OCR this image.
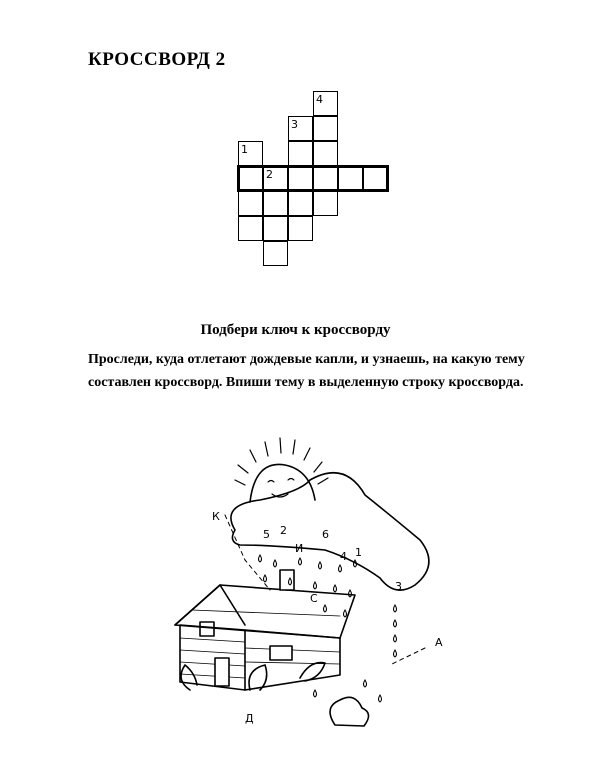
КРОССВОРД 2
1
2
3
4
Подбери ключ к кроссворду
Проследи, куда отлетают дождевые капли, и узнаешь, на какую тему составлен кроссворд. Впиши тему в выделенную строку кроссворда.
5 2	6
4 1
3
К
И
С
А
Д
